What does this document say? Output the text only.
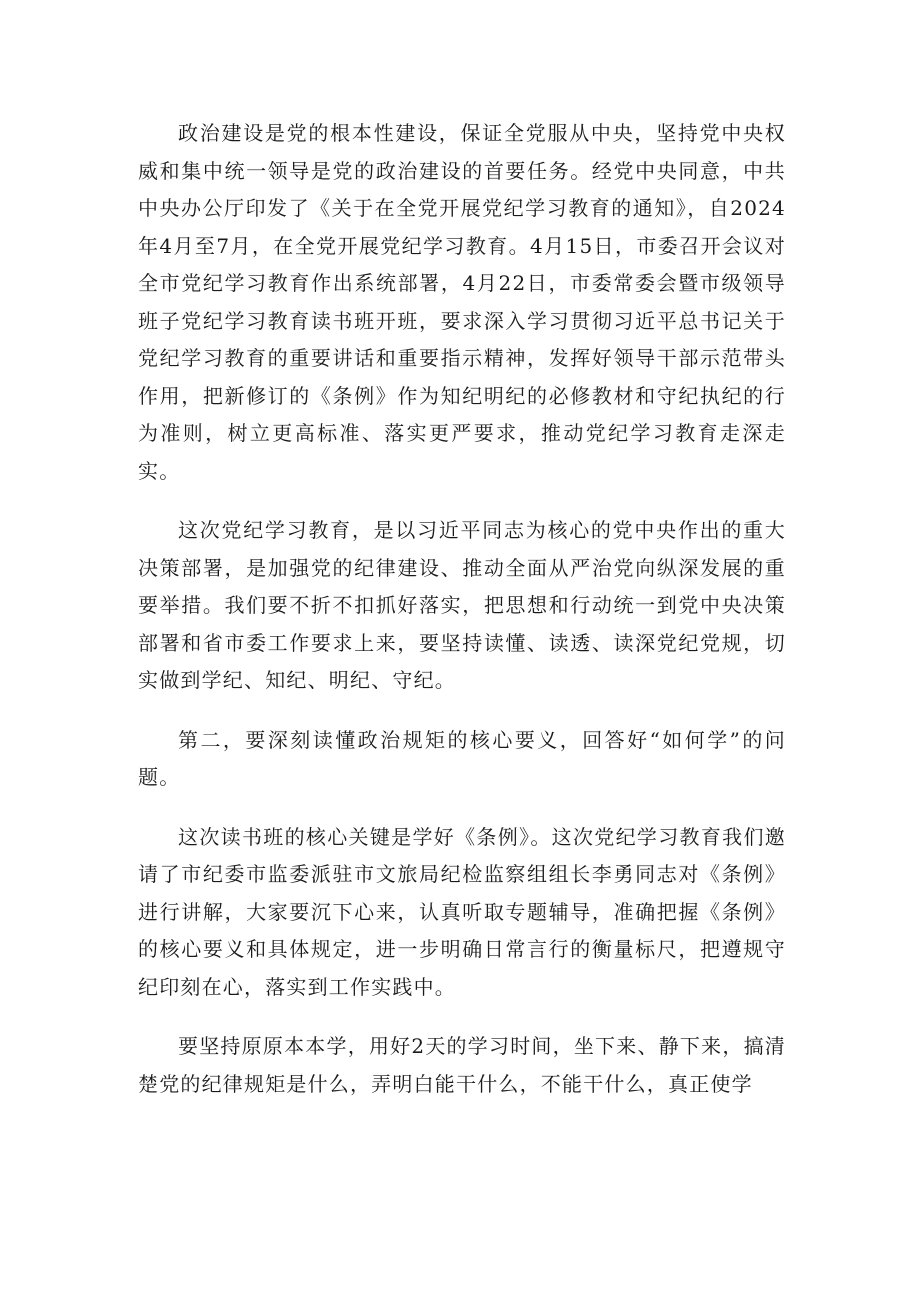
政治建设是党的根本性建设，保证全党服从中央，坚持党中央权威和集中统一领导是党的政治建设的首要任务。经党中央同意，中共中央办公厅印发了《关于在全党开展党纪学习教育的通知》，自2024年4月至7月，在全党开展党纪学习教育。4月15日，市委召开会议对全市党纪学习教育作出系统部署，4月22日，市委常委会暨市级领导班子党纪学习教育读书班开班，要求深入学习贯彻习近平总书记关于党纪学习教育的重要讲话和重要指示精神，发挥好领导干部示范带头作用，把新修订的《条例》作为知纪明纪的必修教材和守纪执纪的行为准则，树立更高标准、落实更严要求，推动党纪学习教育走深走实。

这次党纪学习教育，是以习近平同志为核心的党中央作出的重大决策部署，是加强党的纪律建设、推动全面从严治党向纵深发展的重要举措。我们要不折不扣抓好落实，把思想和行动统一到党中央决策部署和省市委工作要求上来，要坚持读懂、读透、读深党纪党规，切实做到学纪、知纪、明纪、守纪。

第二，要深刻读懂政治规矩的核心要义，回答好“如何学”的问题。

这次读书班的核心关键是学好《条例》。这次党纪学习教育我们邀请了市纪委市监委派驻市文旅局纪检监察组组长李勇同志对《条例》进行讲解，大家要沉下心来，认真听取专题辅导，准确把握《条例》的核心要义和具体规定，进一步明确日常言行的衡量标尺，把遵规守纪印刻在心，落实到工作实践中。

要坚持原原本本学，用好2天的学习时间，坐下来、静下来，搞清楚党的纪律规矩是什么，弄明白能干什么，不能干什么，真正使学
